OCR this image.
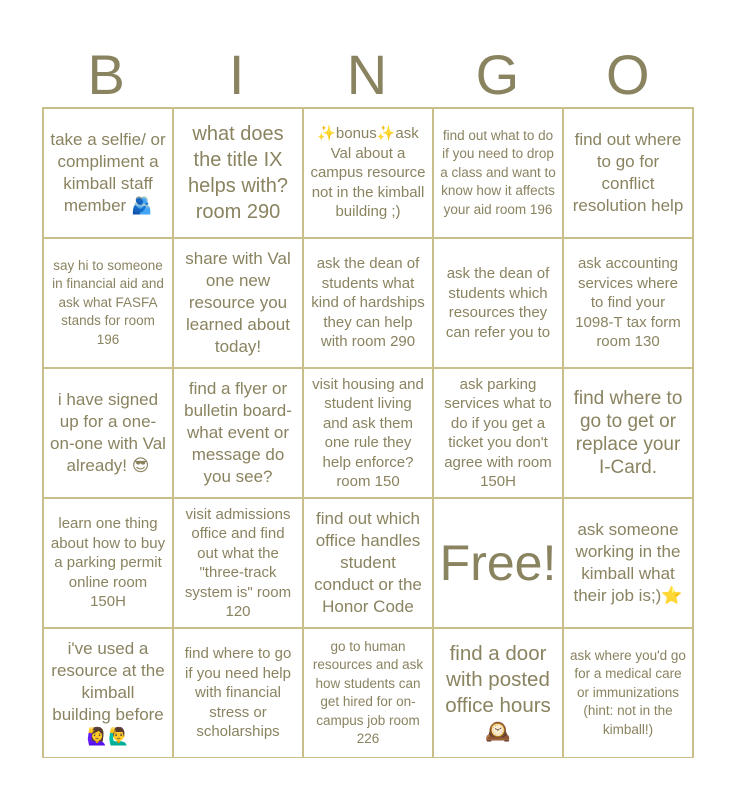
B	I	N	G	O
take a selfie/ or compliment a kimball staff member 🫂
what does the title IX helps with? room 290
✨bonus✨ask Val about a campus resource not in the kimball building ;)
find out what to do if you need to drop a class and want to know how it affects your aid room 196
find out where to go for conflict resolution help
say hi to someone in financial aid and ask what FASFA stands for room 196
share with Val one new resource you learned about today!
ask the dean of students what kind of hardships they can help with room 290
ask the dean of students which resources they can refer you to
ask accounting services where to find your 1098-T tax form room 130
i have signed up for a one-on-one with Val already! 😎
find a flyer or bulletin board- what event or message do you see?
visit housing and student living and ask them one rule they help enforce? room 150
ask parking services what to do if you get a ticket you don't agree with room 150H
find where to go to get or replace your I-Card.
learn one thing about how to buy a parking permit online room 150H
visit admissions office and find out what the "three-track system is" room 120
find out which office handles student conduct or the Honor Code
Free!
ask someone working in the kimball what their job is;)⭐
i've used a resource at the kimball building before 🙋‍♀️🙋‍♂️
find where to go if you need help with financial stress or scholarships
go to human resources and ask how students can get hired for on-campus job room 226
find a door with posted office hours 🕰️
ask where you'd go for a medical care or immunizations (hint: not in the kimball!)
